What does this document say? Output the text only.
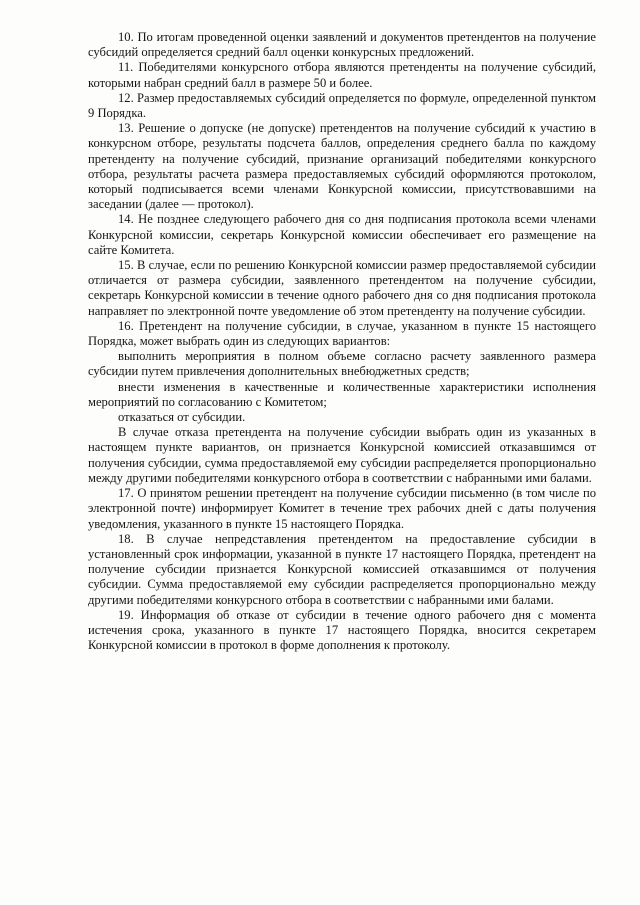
10. По итогам проведенной оценки заявлений и документов претендентов на получение субсидий определяется средний балл оценки конкурсных предложений.

11. Победителями конкурсного отбора являются претенденты на получение субсидий, которыми набран средний балл в размере 50 и более.

12. Размер предоставляемых субсидий определяется по формуле, определенной пунктом 9 Порядка.

13. Решение о допуске (не допуске) претендентов на получение субсидий к участию в конкурсном отборе, результаты подсчета баллов, определения среднего балла по каждому претенденту на получение субсидий, признание организаций победителями конкурсного отбора, результаты расчета размера предоставляемых субсидий оформляются протоколом, который подписывается всеми членами Конкурсной комиссии, присутствовавшими на заседании (далее — протокол).

14. Не позднее следующего рабочего дня со дня подписания протокола всеми членами Конкурсной комиссии, секретарь Конкурсной комиссии обеспечивает его размещение на сайте Комитета.

15. В случае, если по решению Конкурсной комиссии размер предоставляемой субсидии отличается от размера субсидии, заявленного претендентом на получение субсидии, секретарь Конкурсной комиссии в течение одного рабочего дня со дня подписания протокола направляет по электронной почте уведомление об этом претенденту на получение субсидии.

16. Претендент на получение субсидии, в случае, указанном в пункте 15 настоящего Порядка, может выбрать один из следующих вариантов:

выполнить мероприятия в полном объеме согласно расчету заявленного размера субсидии путем привлечения дополнительных внебюджетных средств;

внести изменения в качественные и количественные характеристики исполнения мероприятий по согласованию с Комитетом;

отказаться от субсидии.

В случае отказа претендента на получение субсидии выбрать один из указанных в настоящем пункте вариантов, он признается Конкурсной комиссией отказавшимся от получения субсидии, сумма предоставляемой ему субсидии распределяется пропорционально между другими победителями конкурсного отбора в соответствии с набранными ими балами.

17. О принятом решении претендент на получение субсидии письменно (в том числе по электронной почте) информирует Комитет в течение трех рабочих дней с даты получения уведомления, указанного в пункте 15 настоящего Порядка.

18. В случае непредставления претендентом на предоставление субсидии в установленный срок информации, указанной в пункте 17 настоящего Порядка, претендент на получение субсидии признается Конкурсной комиссией отказавшимся от получения субсидии. Сумма предоставляемой ему субсидии распределяется пропорционально между другими победителями конкурсного отбора в соответствии с набранными ими балами.

19. Информация об отказе от субсидии в течение одного рабочего дня с момента истечения срока, указанного в пункте 17 настоящего Порядка, вносится секретарем Конкурсной комиссии в протокол в форме дополнения к протоколу.
